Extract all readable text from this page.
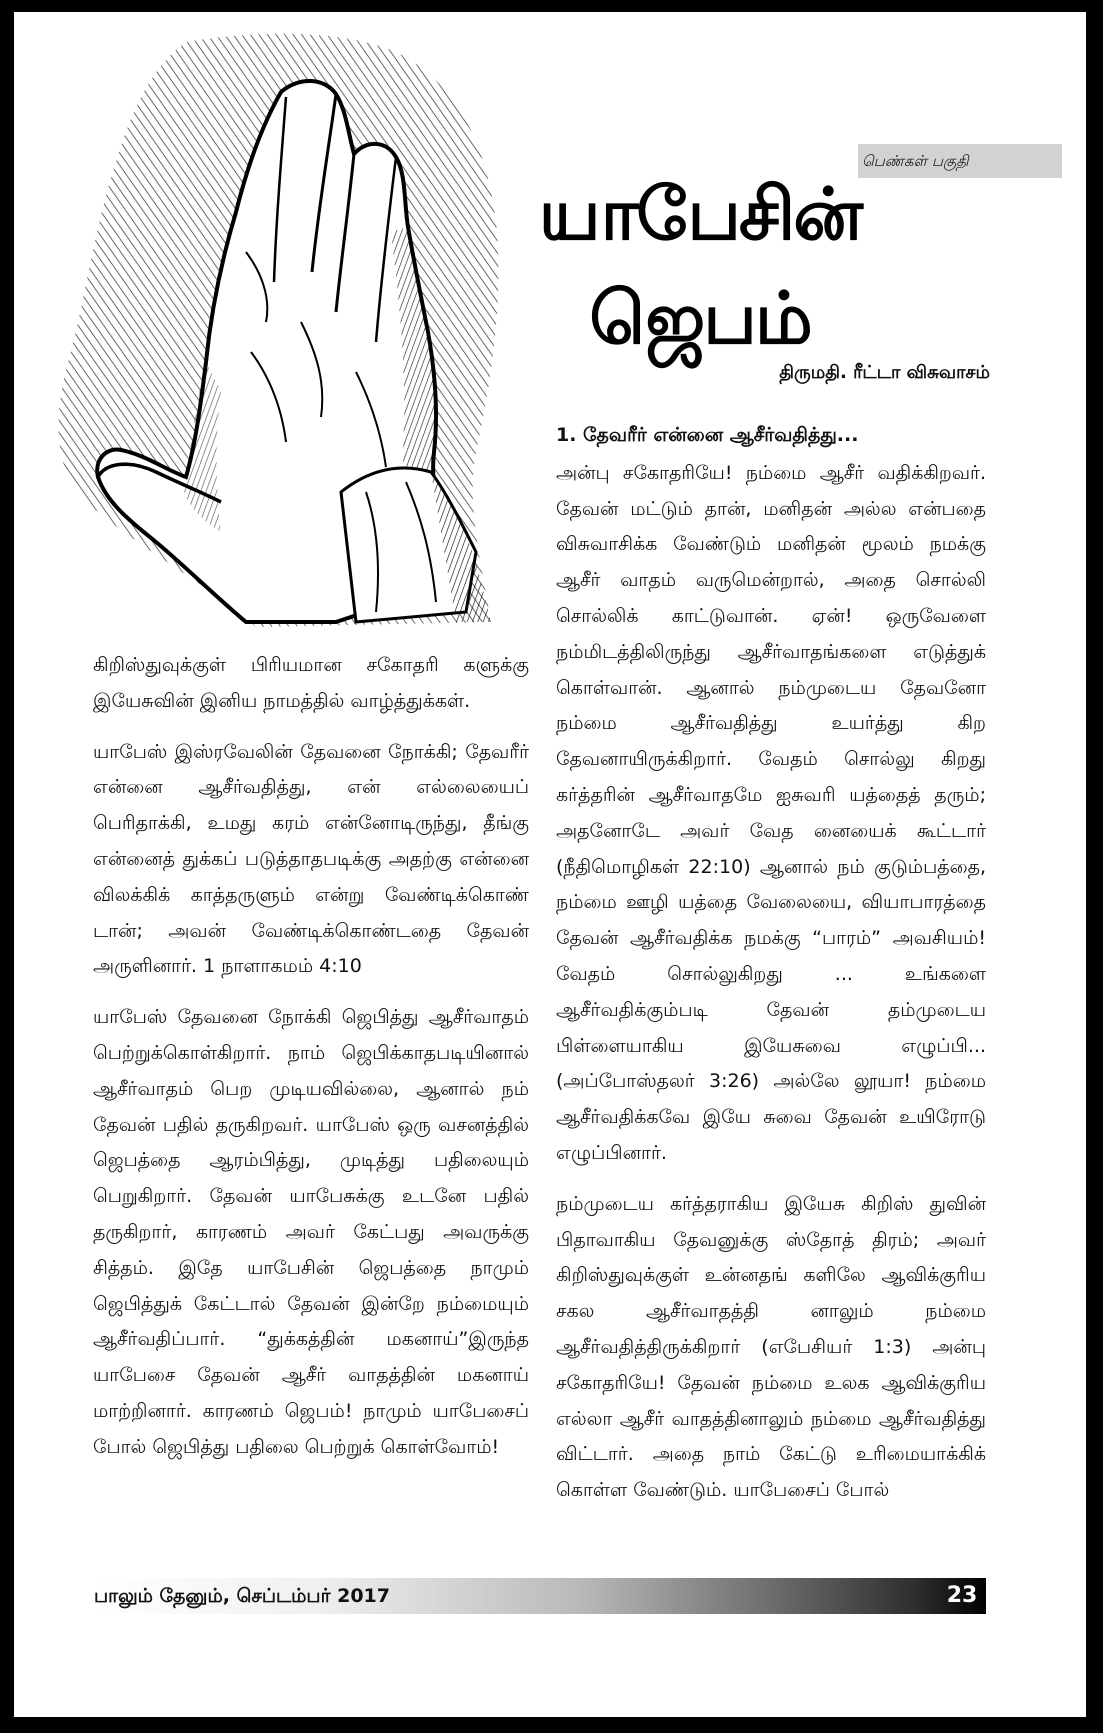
பெண்கள் பகுதி
யாபேசின்
ஜெபம்
திருமதி. ரீட்டா விசுவாசம்

கிறிஸ்துவுக்குள் பிரியமான சகோதரி களுக்கு இயேசுவின் இனிய நாமத்தில் வாழ்த்துக்கள்.

யாபேஸ் இஸ்ரவேலின் தேவனை நோக்கி; தேவரீர் என்னை ஆசீர்வதித்து, என் எல்லையைப் பெரிதாக்கி, உமது கரம் என்னோடிருந்து, தீங்கு என்னைத் துக்கப் படுத்தாதபடிக்கு அதற்கு என்னை விலக்கிக் காத்தருளும் என்று வேண்டிக்கொண் டான்; அவன் வேண்டிக்கொண்டதை தேவன் அருளினார். 1 நாளாகமம் 4:10

யாபேஸ் தேவனை நோக்கி ஜெபித்து ஆசீர்வாதம் பெற்றுக்கொள்கிறார். நாம் ஜெபிக்காதபடியினால் ஆசீர்வாதம் பெற முடியவில்லை, ஆனால் நம் தேவன் பதில் தருகிறவர். யாபேஸ் ஒரு வசனத்தில் ஜெபத்தை ஆரம்பித்து, முடித்து பதிலையும் பெறுகிறார். தேவன் யாபேசுக்கு உடனே பதில் தருகிறார், காரணம் அவர் கேட்பது அவருக்கு சித்தம். இதே யாபேசின் ஜெபத்தை நாமும் ஜெபித்துக் கேட்டால் தேவன் இன்றே நம்மையும் ஆசீர்வதிப்பார். “துக்கத்தின் மகனாய்”இருந்த யாபேசை தேவன் ஆசீர் வாதத்தின் மகனாய் மாற்றினார். காரணம் ஜெபம்! நாமும் யாபேசைப் போல் ஜெபித்து பதிலை பெற்றுக் கொள்வோம்!

1. தேவரீர் என்னை ஆசீர்வதித்து...

அன்பு சகோதரியே! நம்மை ஆசீர் வதிக்கிறவர். தேவன் மட்டும் தான், மனிதன் அல்ல என்பதை விசுவாசிக்க வேண்டும் மனிதன் மூலம் நமக்கு ஆசீர் வாதம் வருமென்றால், அதை சொல்லி சொல்லிக் காட்டுவான். ஏன்! ஒருவேளை நம்மிடத்திலிருந்து ஆசீர்வாதங்களை எடுத்துக் கொள்வான். ஆனால் நம்முடைய தேவனோ நம்மை ஆசீர்வதித்து உயர்த்து கிற தேவனாயிருக்கிறார். வேதம் சொல்லு கிறது கர்த்தரின் ஆசீர்வாதமே ஐசுவரி யத்தைத் தரும்; அதனோடே அவர் வேத னையைக் கூட்டார் (நீதிமொழிகள் 22:10) ஆனால் நம் குடும்பத்தை, நம்மை ஊழி யத்தை வேலையை, வியாபாரத்தை தேவன் ஆசீர்வதிக்க நமக்கு “பாரம்” அவசியம்! வேதம் சொல்லுகிறது ... உங்களை ஆசீர்வதிக்கும்படி தேவன் தம்முடைய பிள்ளையாகிய இயேசுவை எழுப்பி... (அப்போஸ்தலர் 3:26) அல்லே லூயா! நம்மை ஆசீர்வதிக்கவே இயே சுவை தேவன் உயிரோடு எழுப்பினார்.

நம்முடைய கர்த்தராகிய இயேசு கிறிஸ் துவின் பிதாவாகிய தேவனுக்கு ஸ்தோத் திரம்; அவர் கிறிஸ்துவுக்குள் உன்னதங் களிலே ஆவிக்குரிய சகல ஆசீர்வாதத்தி னாலும் நம்மை ஆசீர்வதித்திருக்கிறார் (எபேசியர் 1:3) அன்பு சகோதரியே! தேவன் நம்மை உலக ஆவிக்குரிய எல்லா ஆசீர் வாதத்தினாலும் நம்மை ஆசீர்வதித்து விட்டார். அதை நாம் கேட்டு உரிமையாக்கிக் கொள்ள வேண்டும். யாபேசைப் போல்

பாலும் தேனும், செப்டம்பர் 2017	23
